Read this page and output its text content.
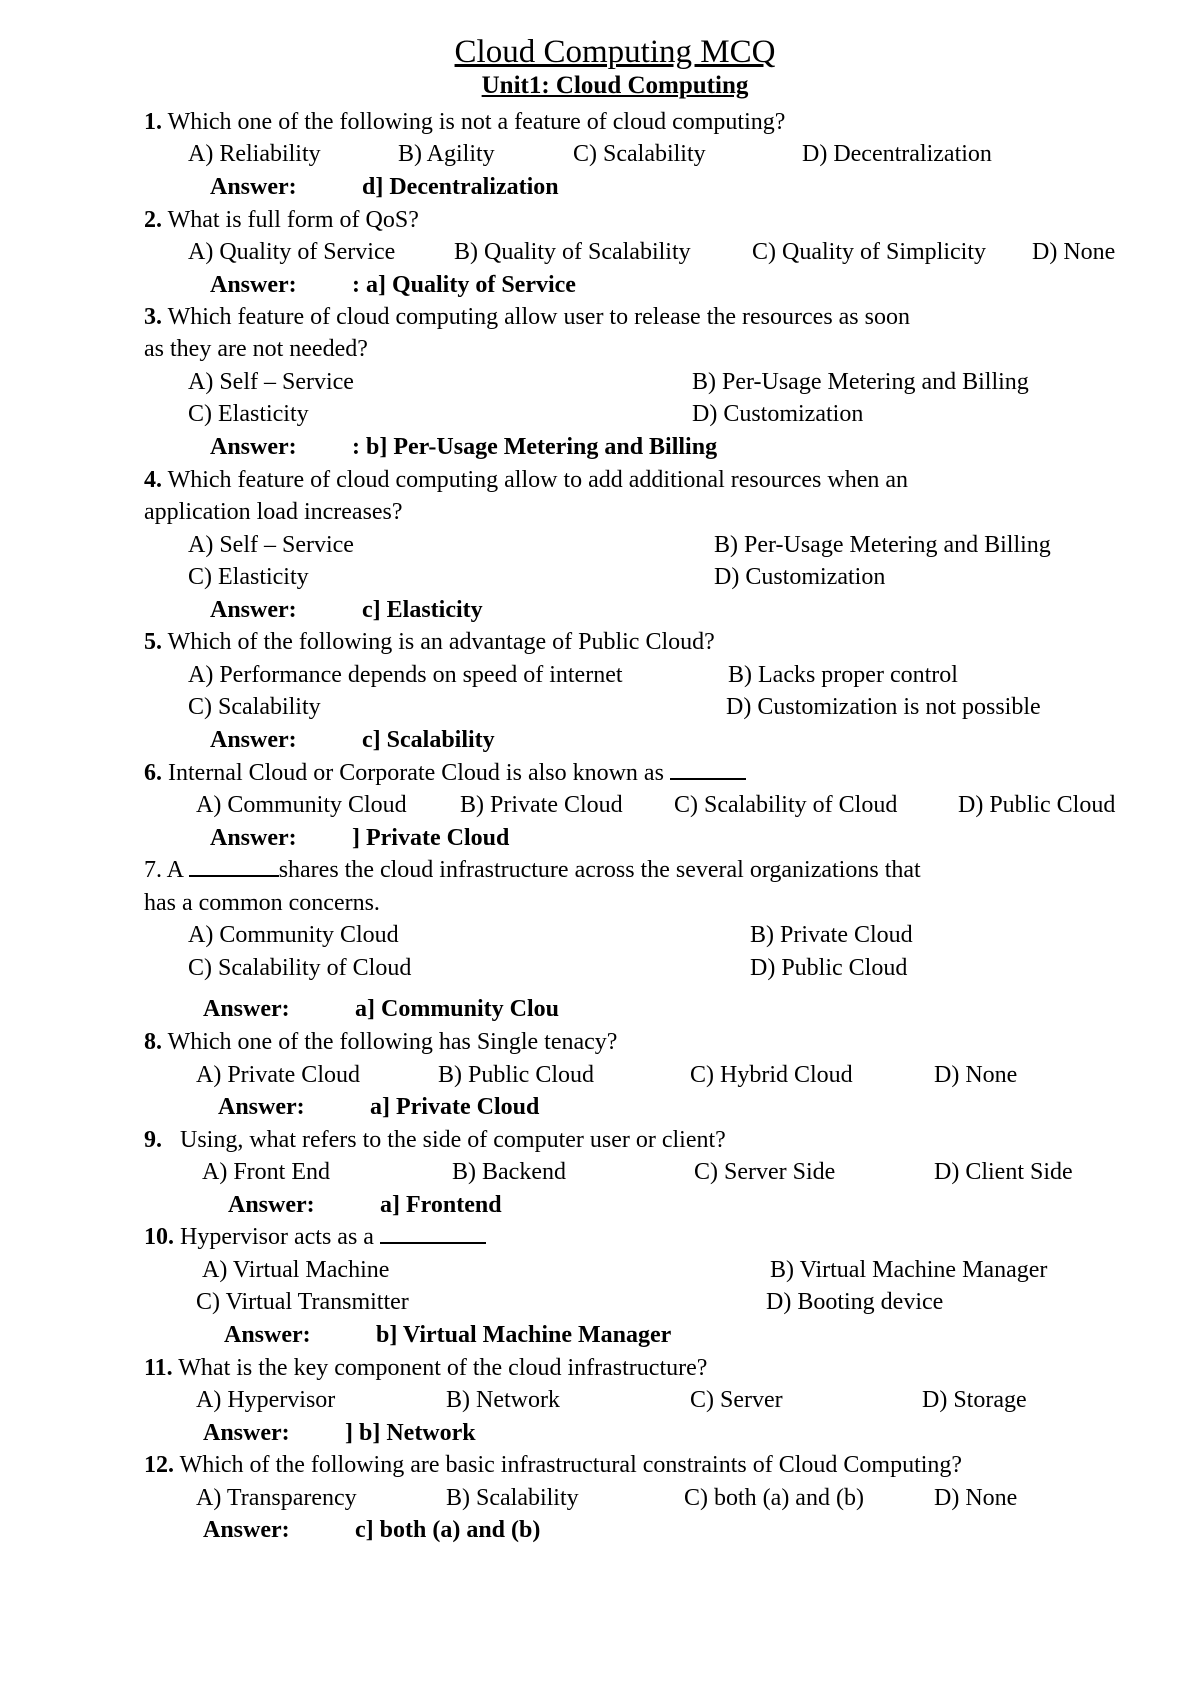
Cloud Computing MCQ
Unit1: Cloud Computing
1. Which one of the following is not a feature of cloud computing?
A) Reliability	B) Agility	C) Scalability	D) Decentralization
Answer:	d] Decentralization
2. What is full form of QoS?
A) Quality of Service B) Quality of Scalability	C) Quality of Simplicity D) None
Answer: : a] Quality of Service
3. Which feature of cloud computing allow user to release the resources as soon
as they are not needed?
A) Self – Service	B) Per-Usage Metering and Billing
C) Elasticity	D) Customization
Answer: : b] Per-Usage Metering and Billing
4. Which feature of cloud computing allow to add additional resources when an
application load increases?
A) Self – Service	B) Per-Usage Metering and Billing
C) Elasticity	D) Customization
Answer:	c] Elasticity
5. Which of the following is an advantage of Public Cloud?
A) Performance depends on speed of internet	B) Lacks proper control
C) Scalability	D) Customization is not possible
Answer:	c] Scalability
6. Internal Cloud or Corporate Cloud is also known as
A) Community Cloud B) Private Cloud C) Scalability of Cloud	D) Public Cloud
Answer: ] Private Cloud
7. A	shares the cloud infrastructure across the several organizations that
has a common concerns.
A) Community Cloud	B) Private Cloud
C) Scalability of Cloud	D) Public Cloud
Answer:	a] Community Clou
8. Which one of the following has Single tenacy?
A) Private Cloud	B) Public Cloud	C) Hybrid Cloud	D) None
Answer:	a] Private Cloud
9. Using, what refers to the side of computer user or client?
A) Front End	B) Backend	C) Server Side	D) Client Side
Answer:	a] Frontend
10. Hypervisor acts as a
A) Virtual Machine	B) Virtual Machine Manager
C) Virtual Transmitter	D) Booting device
Answer:	b] Virtual Machine Manager
11. What is the key component of the cloud infrastructure?
A) Hypervisor	B) Network	C) Server	D) Storage
Answer: ] b] Network
12. Which of the following are basic infrastructural constraints of Cloud Computing?
A) Transparency	B) Scalability	C) both (a) and (b)	D) None
Answer:	c] both (a) and (b)
